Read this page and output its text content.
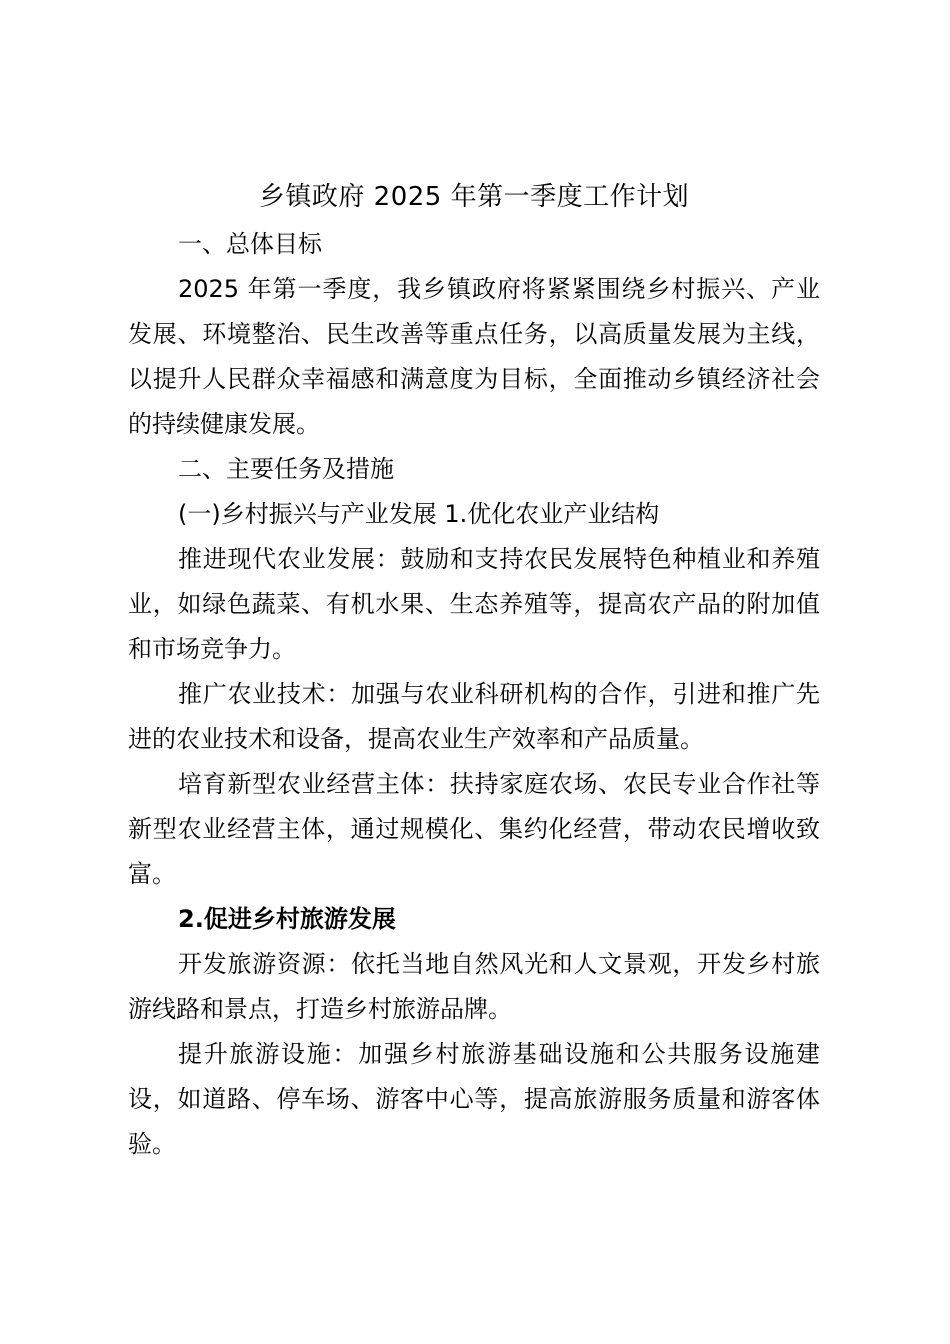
乡镇政府 2025 年第一季度工作计划

一、总体目标

2025 年第一季度，我乡镇政府将紧紧围绕乡村振兴、产业发展、环境整治、民生改善等重点任务，以高质量发展为主线，以提升人民群众幸福感和满意度为目标，全面推动乡镇经济社会的持续健康发展。

二、主要任务及措施

(一)乡村振兴与产业发展 1.优化农业产业结构

推进现代农业发展：鼓励和支持农民发展特色种植业和养殖业，如绿色蔬菜、有机水果、生态养殖等，提高农产品的附加值和市场竞争力。

推广农业技术：加强与农业科研机构的合作，引进和推广先进的农业技术和设备，提高农业生产效率和产品质量。

培育新型农业经营主体：扶持家庭农场、农民专业合作社等新型农业经营主体，通过规模化、集约化经营，带动农民增收致富。

2.促进乡村旅游发展

开发旅游资源：依托当地自然风光和人文景观，开发乡村旅游线路和景点，打造乡村旅游品牌。

提升旅游设施：加强乡村旅游基础设施和公共服务设施建设，如道路、停车场、游客中心等，提高旅游服务质量和游客体验。
